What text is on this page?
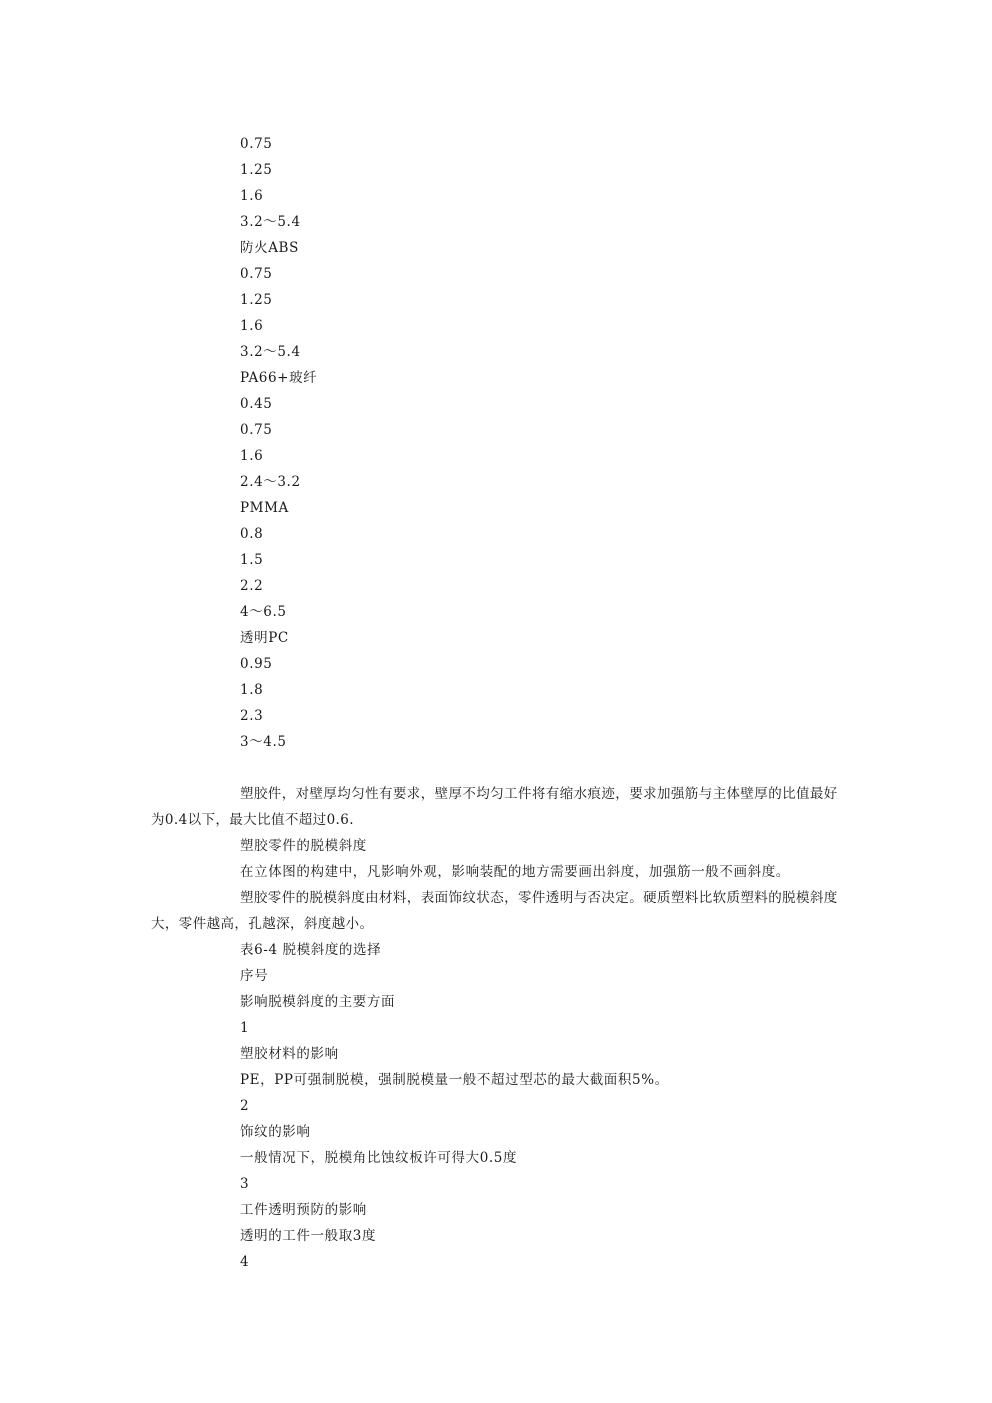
0.75
1.25
1.6
3.2～5.4
防火ABS
0.75
1.25
1.6
3.2～5.4
PA66+玻纤
0.45
0.75
1.6
2.4～3.2
PMMA
0.8
1.5
2.2
4～6.5
透明PC
0.95
1.8
2.3
3～4.5
塑胶件，对壁厚均匀性有要求，壁厚不均匀工件将有缩水痕迹，要求加强筋与主体壁厚的比值最好为0.4以下，最大比值不超过0.6.
塑胶零件的脱模斜度
在立体图的构建中，凡影响外观，影响装配的地方需要画出斜度，加强筋一般不画斜度。
塑胶零件的脱模斜度由材料，表面饰纹状态，零件透明与否决定。硬质塑料比软质塑料的脱模斜度大，零件越高，孔越深，斜度越小。
表6-4 脱模斜度的选择
序号
影响脱模斜度的主要方面
1
塑胶材料的影响
PE，PP可强制脱模，强制脱模量一般不超过型芯的最大截面积5%。
2
饰纹的影响
一般情况下，脱模角比蚀纹板许可得大0.5度
3
工件透明预防的影响
透明的工件一般取3度
4
